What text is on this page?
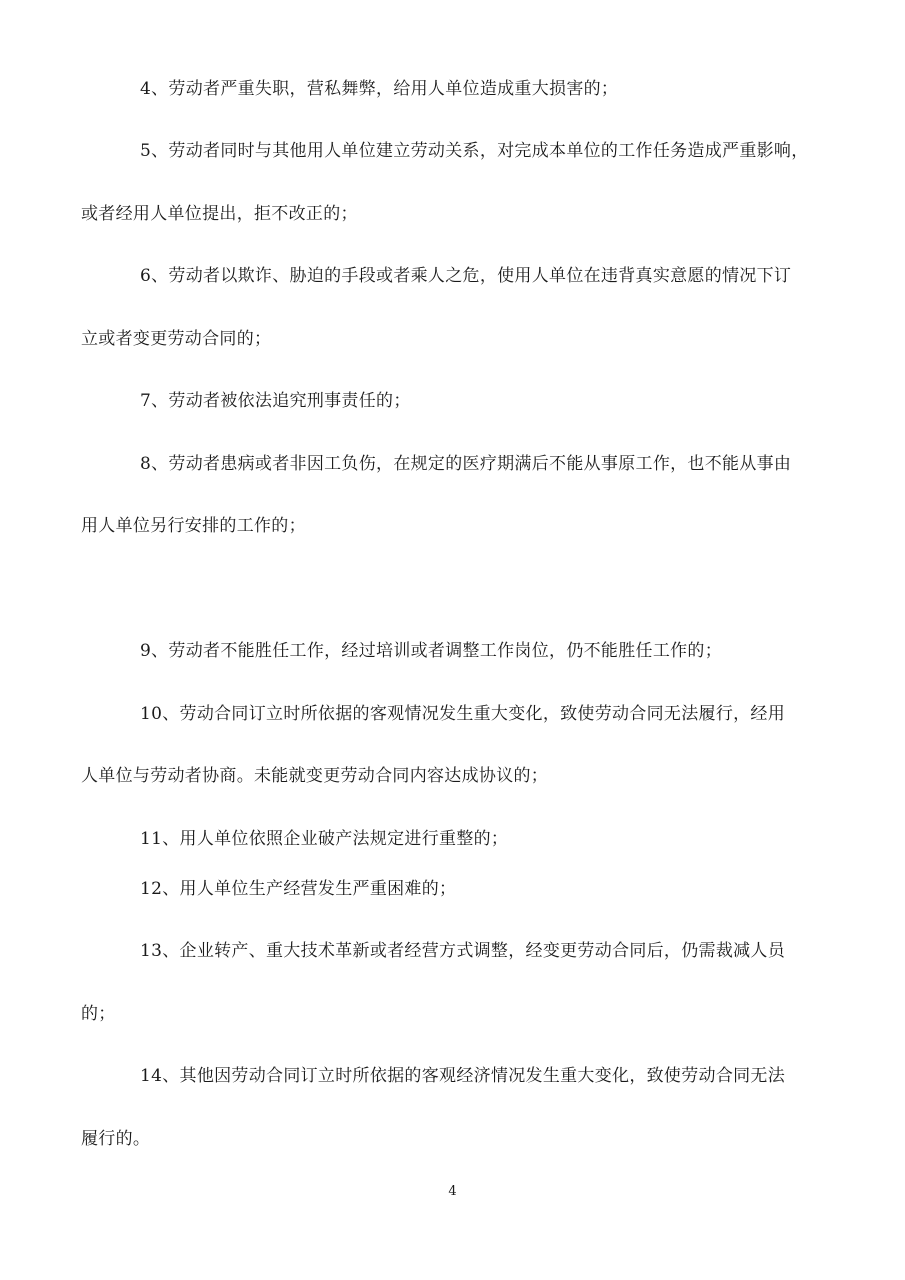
4、劳动者严重失职，营私舞弊，给用人单位造成重大损害的；
5、劳动者同时与其他用人单位建立劳动关系，对完成本单位的工作任务造成严重影响，
或者经用人单位提出，拒不改正的；
6、劳动者以欺诈、胁迫的手段或者乘人之危，使用人单位在违背真实意愿的情况下订
立或者变更劳动合同的；
7、劳动者被依法追究刑事责任的；
8、劳动者患病或者非因工负伤，在规定的医疗期满后不能从事原工作，也不能从事由
用人单位另行安排的工作的；
9、劳动者不能胜任工作，经过培训或者调整工作岗位，仍不能胜任工作的；
10、劳动合同订立时所依据的客观情况发生重大变化，致使劳动合同无法履行，经用
人单位与劳动者协商。未能就变更劳动合同内容达成协议的；
11、用人单位依照企业破产法规定进行重整的；
12、用人单位生产经营发生严重困难的；
13、企业转产、重大技术革新或者经营方式调整，经变更劳动合同后，仍需裁减人员
的；
14、其他因劳动合同订立时所依据的客观经济情况发生重大变化，致使劳动合同无法
履行的。
4
